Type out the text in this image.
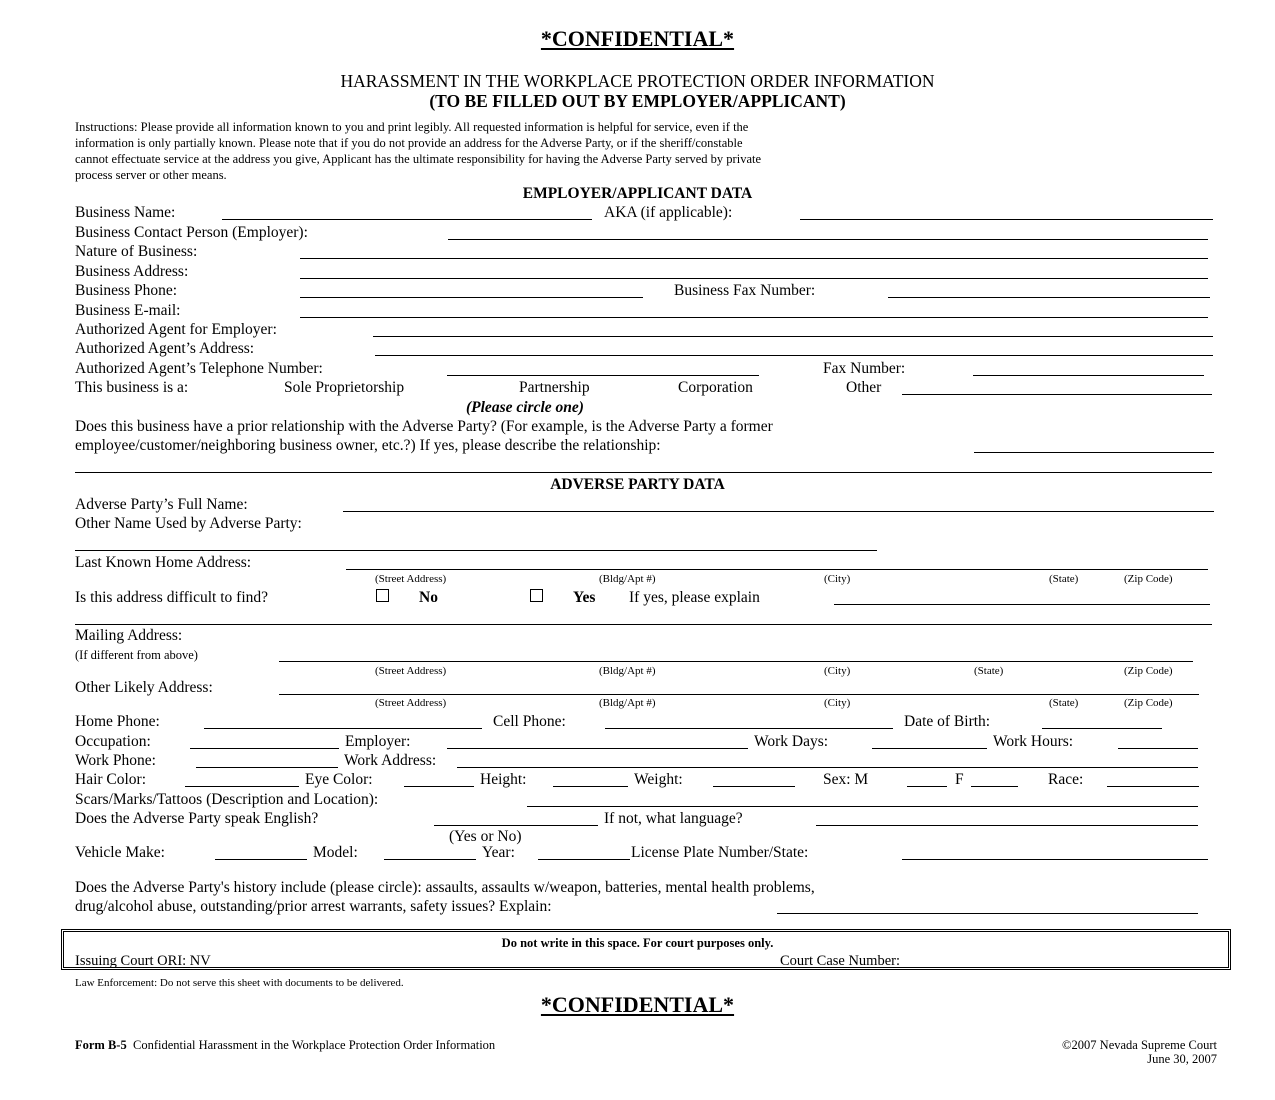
*CONFIDENTIAL*
HARASSMENT IN THE WORKPLACE PROTECTION ORDER INFORMATION
(TO BE FILLED OUT BY EMPLOYER/APPLICANT)
Instructions: Please provide all information known to you and print legibly. All requested information is helpful for service, even if the
information is only partially known. Please note that if you do not provide an address for the Adverse Party, or if the sheriff/constable
cannot effectuate service at the address you give, Applicant has the ultimate responsibility for having the Adverse Party served by private
process server or other means.
EMPLOYER/APPLICANT DATA
Business Name:	AKA (if applicable):
Business Contact Person (Employer):
Nature of Business:
Business Address:
Business Phone:	Business Fax Number:
Business E-mail:
Authorized Agent for Employer:
Authorized Agent’s Address:
Authorized Agent’s Telephone Number:	Fax Number:
This business is a:	Sole Proprietorship	Partnership	Corporation	Other
(Please circle one)
Does this business have a prior relationship with the Adverse Party? (For example, is the Adverse Party a former
employee/customer/neighboring business owner, etc.?) If yes, please describe the relationship:
ADVERSE PARTY DATA
Adverse Party’s Full Name:
Other Name Used by Adverse Party:
Last Known Home Address:
(Street Address)	(Bldg/Apt #)	(City)	(State)	(Zip Code)
Is this address difficult to find?	No	Yes If yes, please explain
Mailing Address:
(If different from above)
(Street Address)	(Bldg/Apt #)	(City)	(State)	(Zip Code)
Other Likely Address:
(Street Address)	(Bldg/Apt #)	(City)	(State)	(Zip Code)
Home Phone:	Cell Phone:	Date of Birth:
Occupation:	Employer:	Work Days:	Work Hours:
Work Phone:	Work Address:
Hair Color:	Eye Color:	Height:	Weight:	Sex: M	F	Race:
Scars/Marks/Tattoos (Description and Location):
Does the Adverse Party speak English?	If not, what language?
(Yes or No)
Vehicle Make:	Model:	Year:	License Plate Number/State:
Does the Adverse Party's history include (please circle): assaults, assaults w/weapon, batteries, mental health problems,
drug/alcohol abuse, outstanding/prior arrest warrants, safety issues? Explain:
Do not write in this space. For court purposes only.
Issuing Court ORI: NV	Court Case Number:
Law Enforcement: Do not serve this sheet with documents to be delivered.
*CONFIDENTIAL*
Form B-5 Confidential Harassment in the Workplace Protection Order Information	©2007 Nevada Supreme Court
June 30, 2007
